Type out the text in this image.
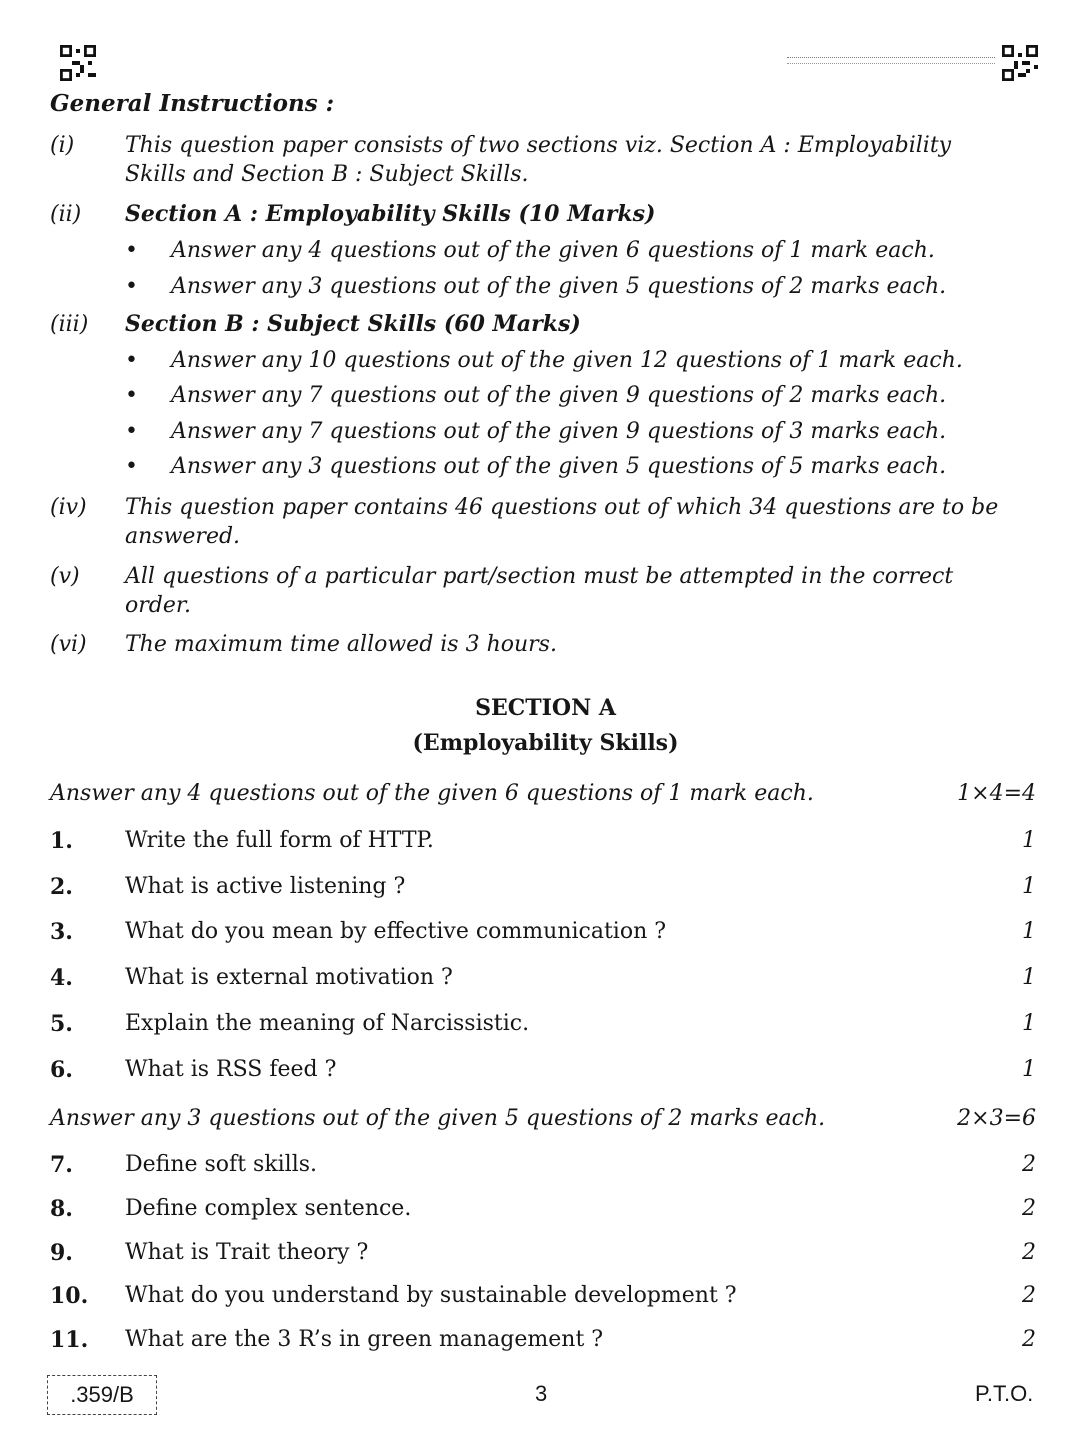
General Instructions :
(i) This question paper consists of two sections viz. Section A : Employability Skills and Section B : Subject Skills.
(ii) Section A : Employability Skills (10 Marks)
• Answer any 4 questions out of the given 6 questions of 1 mark each.
• Answer any 3 questions out of the given 5 questions of 2 marks each.
(iii) Section B : Subject Skills (60 Marks)
• Answer any 10 questions out of the given 12 questions of 1 mark each.
• Answer any 7 questions out of the given 9 questions of 2 marks each.
• Answer any 7 questions out of the given 9 questions of 3 marks each.
• Answer any 3 questions out of the given 5 questions of 5 marks each.
(iv) This question paper contains 46 questions out of which 34 questions are to be answered.
(v) All questions of a particular part/section must be attempted in the correct order.
(vi) The maximum time allowed is 3 hours.
SECTION A
(Employability Skills)
Answer any 4 questions out of the given 6 questions of 1 mark each.	1×4=4
1. Write the full form of HTTP.	1
2. What is active listening ?	1
3. What do you mean by effective communication ?	1
4. What is external motivation ?	1
5. Explain the meaning of Narcissistic.	1
6. What is RSS feed ?	1
Answer any 3 questions out of the given 5 questions of 2 marks each.	2×3=6
7. Define soft skills.	2
8. Define complex sentence.	2
9. What is Trait theory ?	2
10. What do you understand by sustainable development ?	2
11. What are the 3 R’s in green management ?	2
.359/B	3	P.T.O.
